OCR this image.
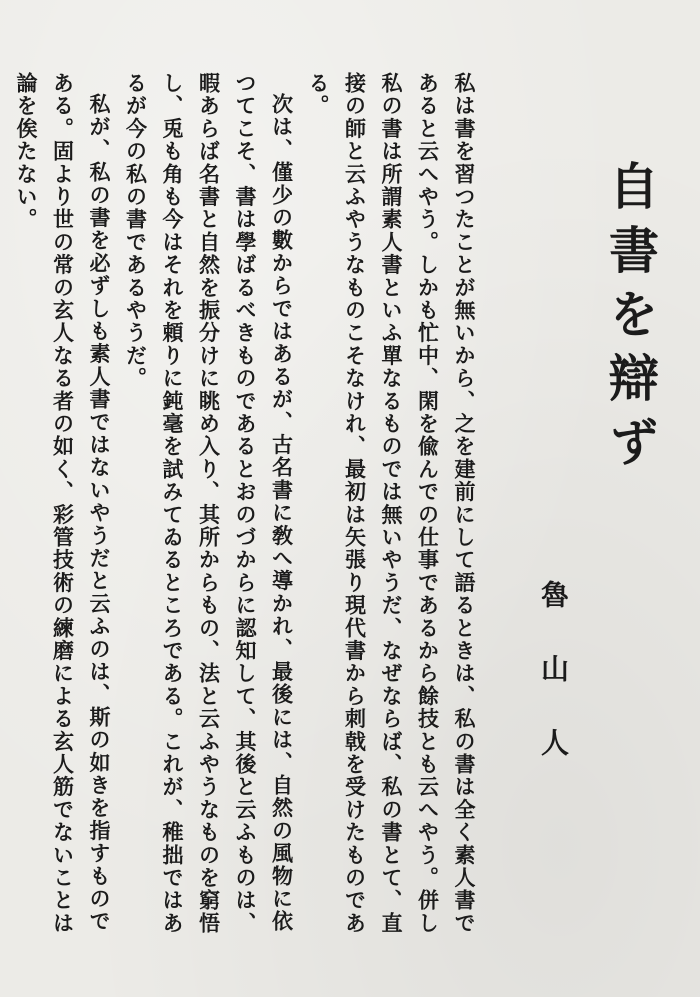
自書を辯ず
魯山人

私は書を習つたことが無いから、之を建前にして語るときは、私の書は全く素人書であると云へやう。しかも忙中、閑を偸んでの仕事であるから餘技とも云へやう。併し私の書は所謂素人書といふ單なるものでは無いやうだ、なぜならば、私の書とて、直接の師と云ふやうなものこそなけれ、最初は矢張り現代書から刺戟を受けたものである。

次は、僅少の數からではあるが、古名書に敎へ導かれ、最後には、自然の風物に依つてこそ、書は學ばるべきものであるとおのづからに認知して、其後と云ふものは、暇あらば名書と自然を振分けに眺め入り、其所からもの、法と云ふやうなものを窮悟し、兎も角も今はそれを頼りに鈍毫を試みてゐるところである。これが、稚拙ではあるが今の私の書であるやうだ。

私が、私の書を必ずしも素人書ではないやうだと云ふのは、斯の如きを指すものである。固より世の常の玄人なる者の如く、彩管技術の練磨による玄人筋でないことは論を俟たない。
